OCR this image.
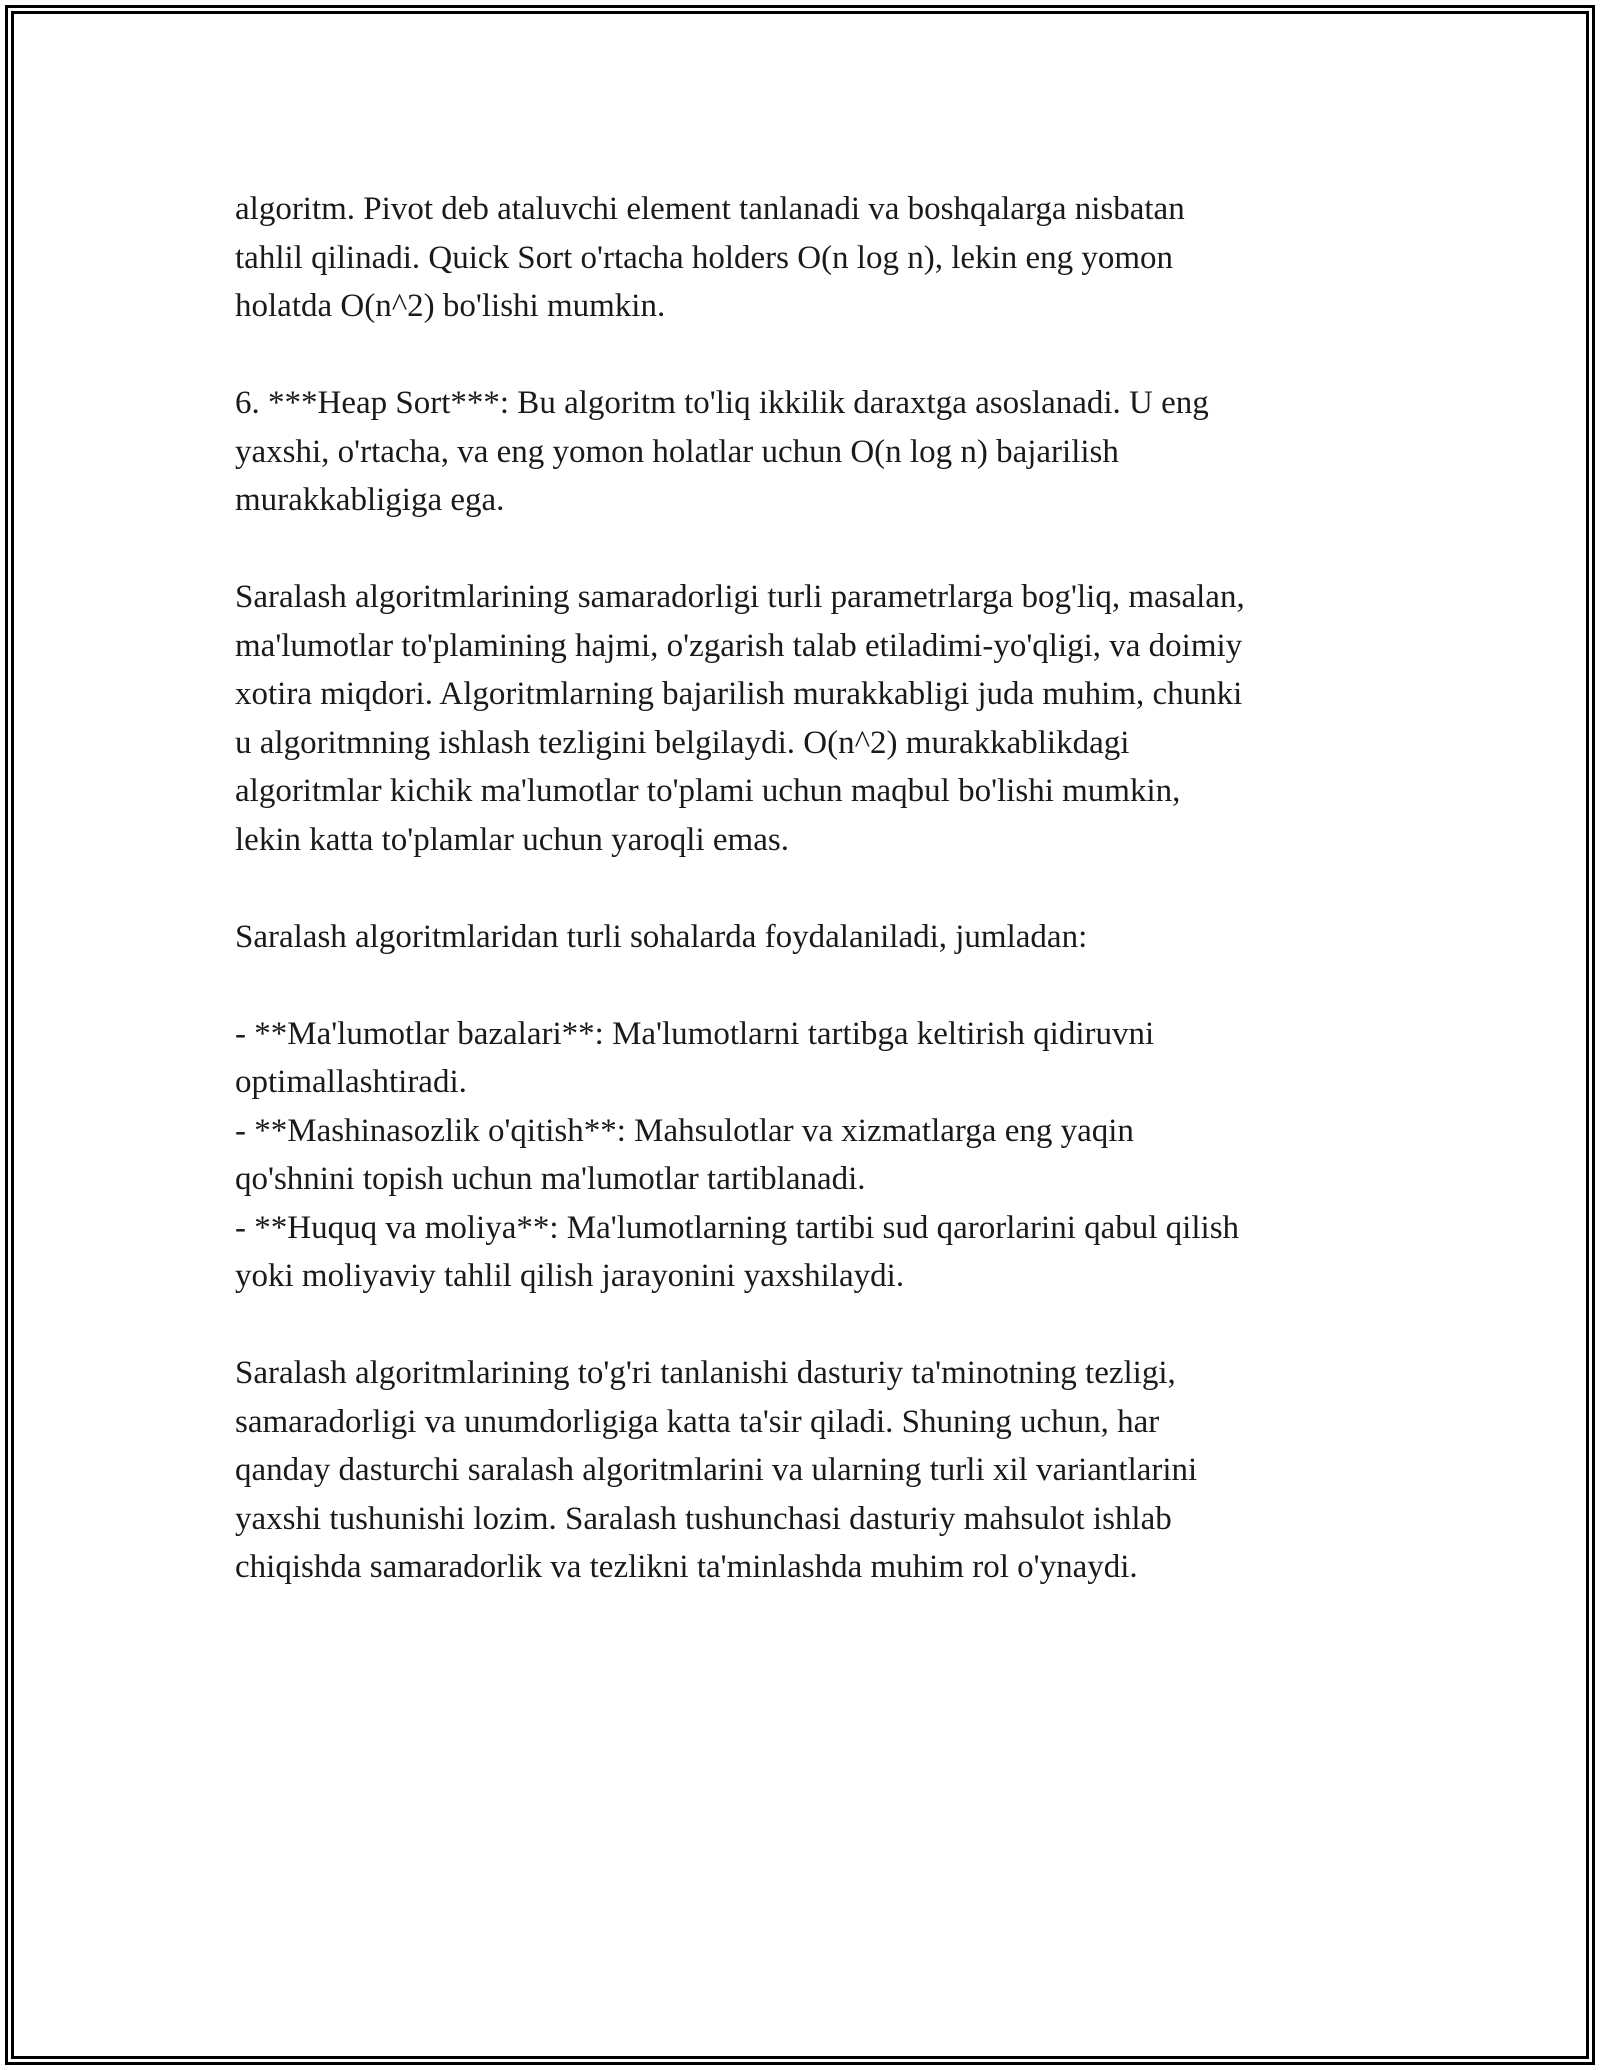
algoritm. Pivot deb ataluvchi element tanlanadi va boshqalarga nisbatan

tahlil qilinadi. Quick Sort o'rtacha holders O(n log n), lekin eng yomon

holatda O(n^2) bo'lishi mumkin.

6. ***Heap Sort***: Bu algoritm to'liq ikkilik daraxtga asoslanadi. U eng

yaxshi, o'rtacha, va eng yomon holatlar uchun O(n log n) bajarilish

murakkabligiga ega.

Saralash algoritmlarining samaradorligi turli parametrlarga bog'liq, masalan,

ma'lumotlar to'plamining hajmi, o'zgarish talab etiladimi-yo'qligi, va doimiy

xotira miqdori. Algoritmlarning bajarilish murakkabligi juda muhim, chunki

u algoritmning ishlash tezligini belgilaydi. O(n^2) murakkablikdagi

algoritmlar kichik ma'lumotlar to'plami uchun maqbul bo'lishi mumkin,

lekin katta to'plamlar uchun yaroqli emas.

Saralash algoritmlaridan turli sohalarda foydalaniladi, jumladan:

- **Ma'lumotlar bazalari**: Ma'lumotlarni tartibga keltirish qidiruvni

optimallashtiradi.

- **Mashinasozlik o'qitish**: Mahsulotlar va xizmatlarga eng yaqin

qo'shnini topish uchun ma'lumotlar tartiblanadi.

- **Huquq va moliya**: Ma'lumotlarning tartibi sud qarorlarini qabul qilish

yoki moliyaviy tahlil qilish jarayonini yaxshilaydi.

Saralash algoritmlarining to'g'ri tanlanishi dasturiy ta'minotning tezligi,

samaradorligi va unumdorligiga katta ta'sir qiladi. Shuning uchun, har

qanday dasturchi saralash algoritmlarini va ularning turli xil variantlarini

yaxshi tushunishi lozim. Saralash tushunchasi dasturiy mahsulot ishlab

chiqishda samaradorlik va tezlikni ta'minlashda muhim rol o'ynaydi.
